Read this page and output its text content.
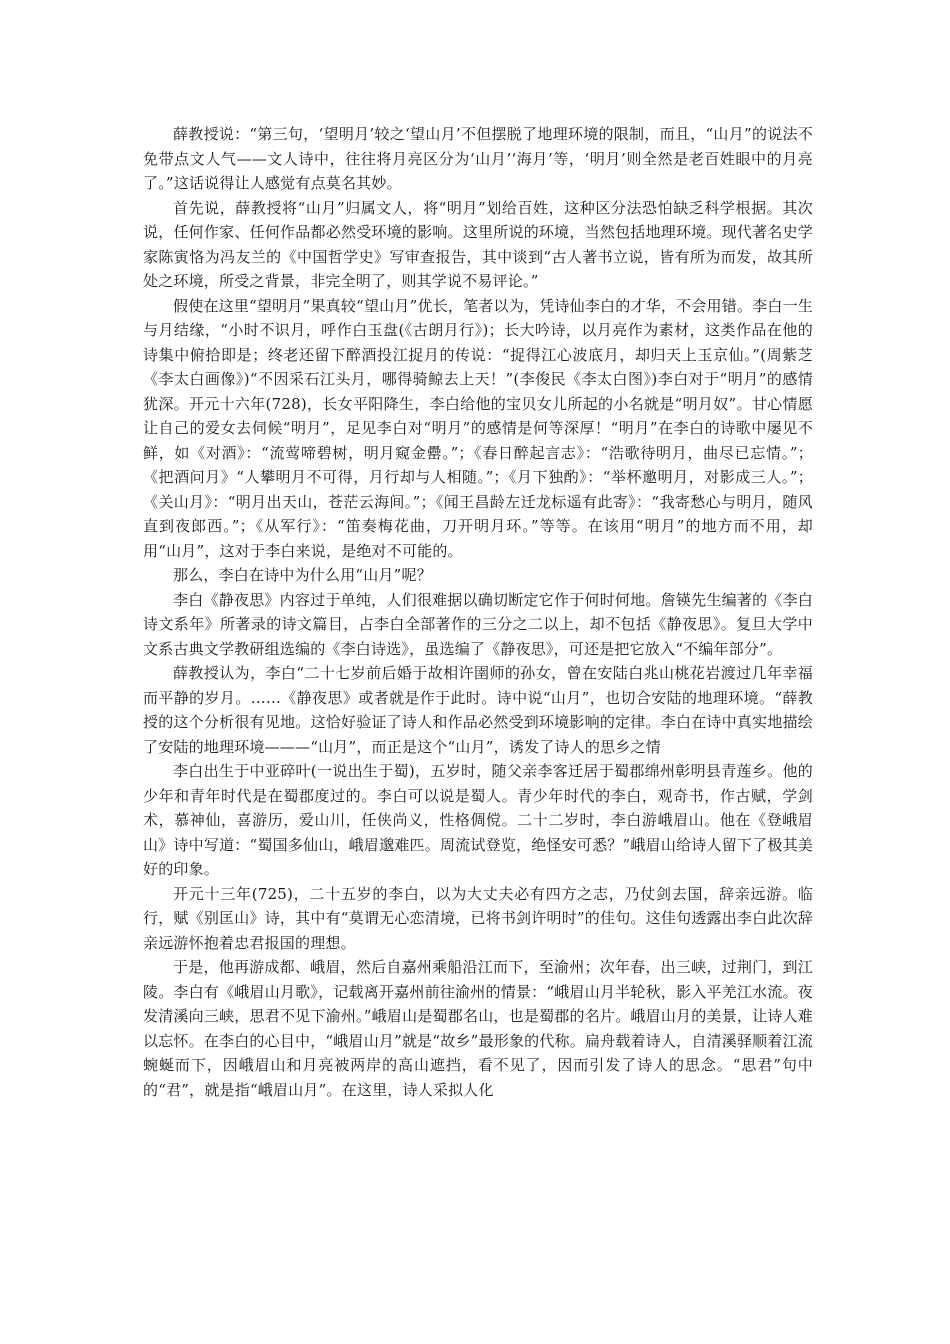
薛教授说：“第三句，‘望明月’较之‘望山月’不但摆脱了地理环境的限制，而且，“山月”的说法不免带点文人气——文人诗中，往往将月亮区分为‘山月’‘海月’等，‘明月’则全然是老百姓眼中的月亮了。”这话说得让人感觉有点莫名其妙。

首先说，薛教授将“山月”归属文人，将“明月”划给百姓，这种区分法恐怕缺乏科学根据。其次说，任何作家、任何作品都必然受环境的影响。这里所说的环境，当然包括地理环境。现代著名史学家陈寅恪为冯友兰的《中国哲学史》写审查报告，其中谈到“古人著书立说，皆有所为而发，故其所处之环境，所受之背景，非完全明了，则其学说不易评论。”

假使在这里“望明月”果真较“望山月”优长，笔者以为，凭诗仙李白的才华，不会用错。李白一生与月结缘，“小时不识月，呼作白玉盘(《古朗月行》)；长大吟诗，以月亮作为素材，这类作品在他的诗集中俯拾即是；终老还留下醉酒投江捉月的传说：“捉得江心波底月，却归天上玉京仙。”(周紫芝《李太白画像》)“不因采石江头月，哪得骑鲸去上天！”(李俊民《李太白图》)李白对于“明月”的感情犹深。开元十六年(728)，长女平阳降生，李白给他的宝贝女儿所起的小名就是“明月奴”。甘心情愿让自己的爱女去伺候“明月”，足见李白对“明月”的感情是何等深厚！“明月”在李白的诗歌中屡见不鲜，如《对酒》：“流莺啼碧树，明月窥金罍。”；《春日醉起言志》：“浩歌待明月，曲尽已忘情。”；《把酒问月》“人攀明月不可得，月行却与人相随。”；《月下独酌》：“举杯邀明月，对影成三人。”；《关山月》：“明月出天山，苍茫云海间。”；《闻王昌龄左迁龙标遥有此寄》：“我寄愁心与明月，随风直到夜郎西。”；《从军行》：“笛奏梅花曲，刀开明月环。”等等。在该用“明月”的地方而不用，却用“山月”，这对于李白来说，是绝对不可能的。

那么，李白在诗中为什么用“山月”呢？

李白《静夜思》内容过于单纯，人们很难据以确切断定它作于何时何地。詹锳先生编著的《李白诗文系年》所著录的诗文篇目，占李白全部著作的三分之二以上，却不包括《静夜思》。复旦大学中文系古典文学教研组选编的《李白诗选》，虽选编了《静夜思》，可还是把它放入“不编年部分”。

薛教授认为，李白“二十七岁前后婚于故相许圉师的孙女，曾在安陆白兆山桃花岩渡过几年幸福而平静的岁月。……《静夜思》或者就是作于此时。诗中说“山月”，也切合安陆的地理环境。“薛教授的这个分析很有见地。这恰好验证了诗人和作品必然受到环境影响的定律。李白在诗中真实地描绘了安陆的地理环境———“山月”，而正是这个“山月”，诱发了诗人的思乡之情

李白出生于中亚碎叶(一说出生于蜀)，五岁时，随父亲李客迁居于蜀郡绵州彰明县青莲乡。他的少年和青年时代是在蜀郡度过的。李白可以说是蜀人。青少年时代的李白，观奇书，作古赋，学剑术，慕神仙，喜游历，爱山川，任侠尚义，性格倜傥。二十二岁时，李白游峨眉山。他在《登峨眉山》诗中写道：“蜀国多仙山，峨眉邈难匹。周流试登览，绝怪安可悉？”峨眉山给诗人留下了极其美好的印象。

开元十三年(725)，二十五岁的李白，以为大丈夫必有四方之志，乃仗剑去国，辞亲远游。临行，赋《别匡山》诗，其中有“莫谓无心恋清境，已将书剑许明时”的佳句。这佳句透露出李白此次辞亲远游怀抱着忠君报国的理想。

于是，他再游成都、峨眉，然后自嘉州乘船沿江而下，至渝州；次年春，出三峡，过荆门，到江陵。李白有《峨眉山月歌》，记载离开嘉州前往渝州的情景：“峨眉山月半轮秋，影入平羌江水流。夜发清溪向三峡，思君不见下渝州。”峨眉山是蜀郡名山，也是蜀郡的名片。峨眉山月的美景，让诗人难以忘怀。在李白的心目中，“峨眉山月”就是“故乡”最形象的代称。扁舟载着诗人，自清溪驿顺着江流蜿蜒而下，因峨眉山和月亮被两岸的高山遮挡，看不见了，因而引发了诗人的思念。“思君”句中的“君”，就是指“峨眉山月”。在这里，诗人采拟人化
